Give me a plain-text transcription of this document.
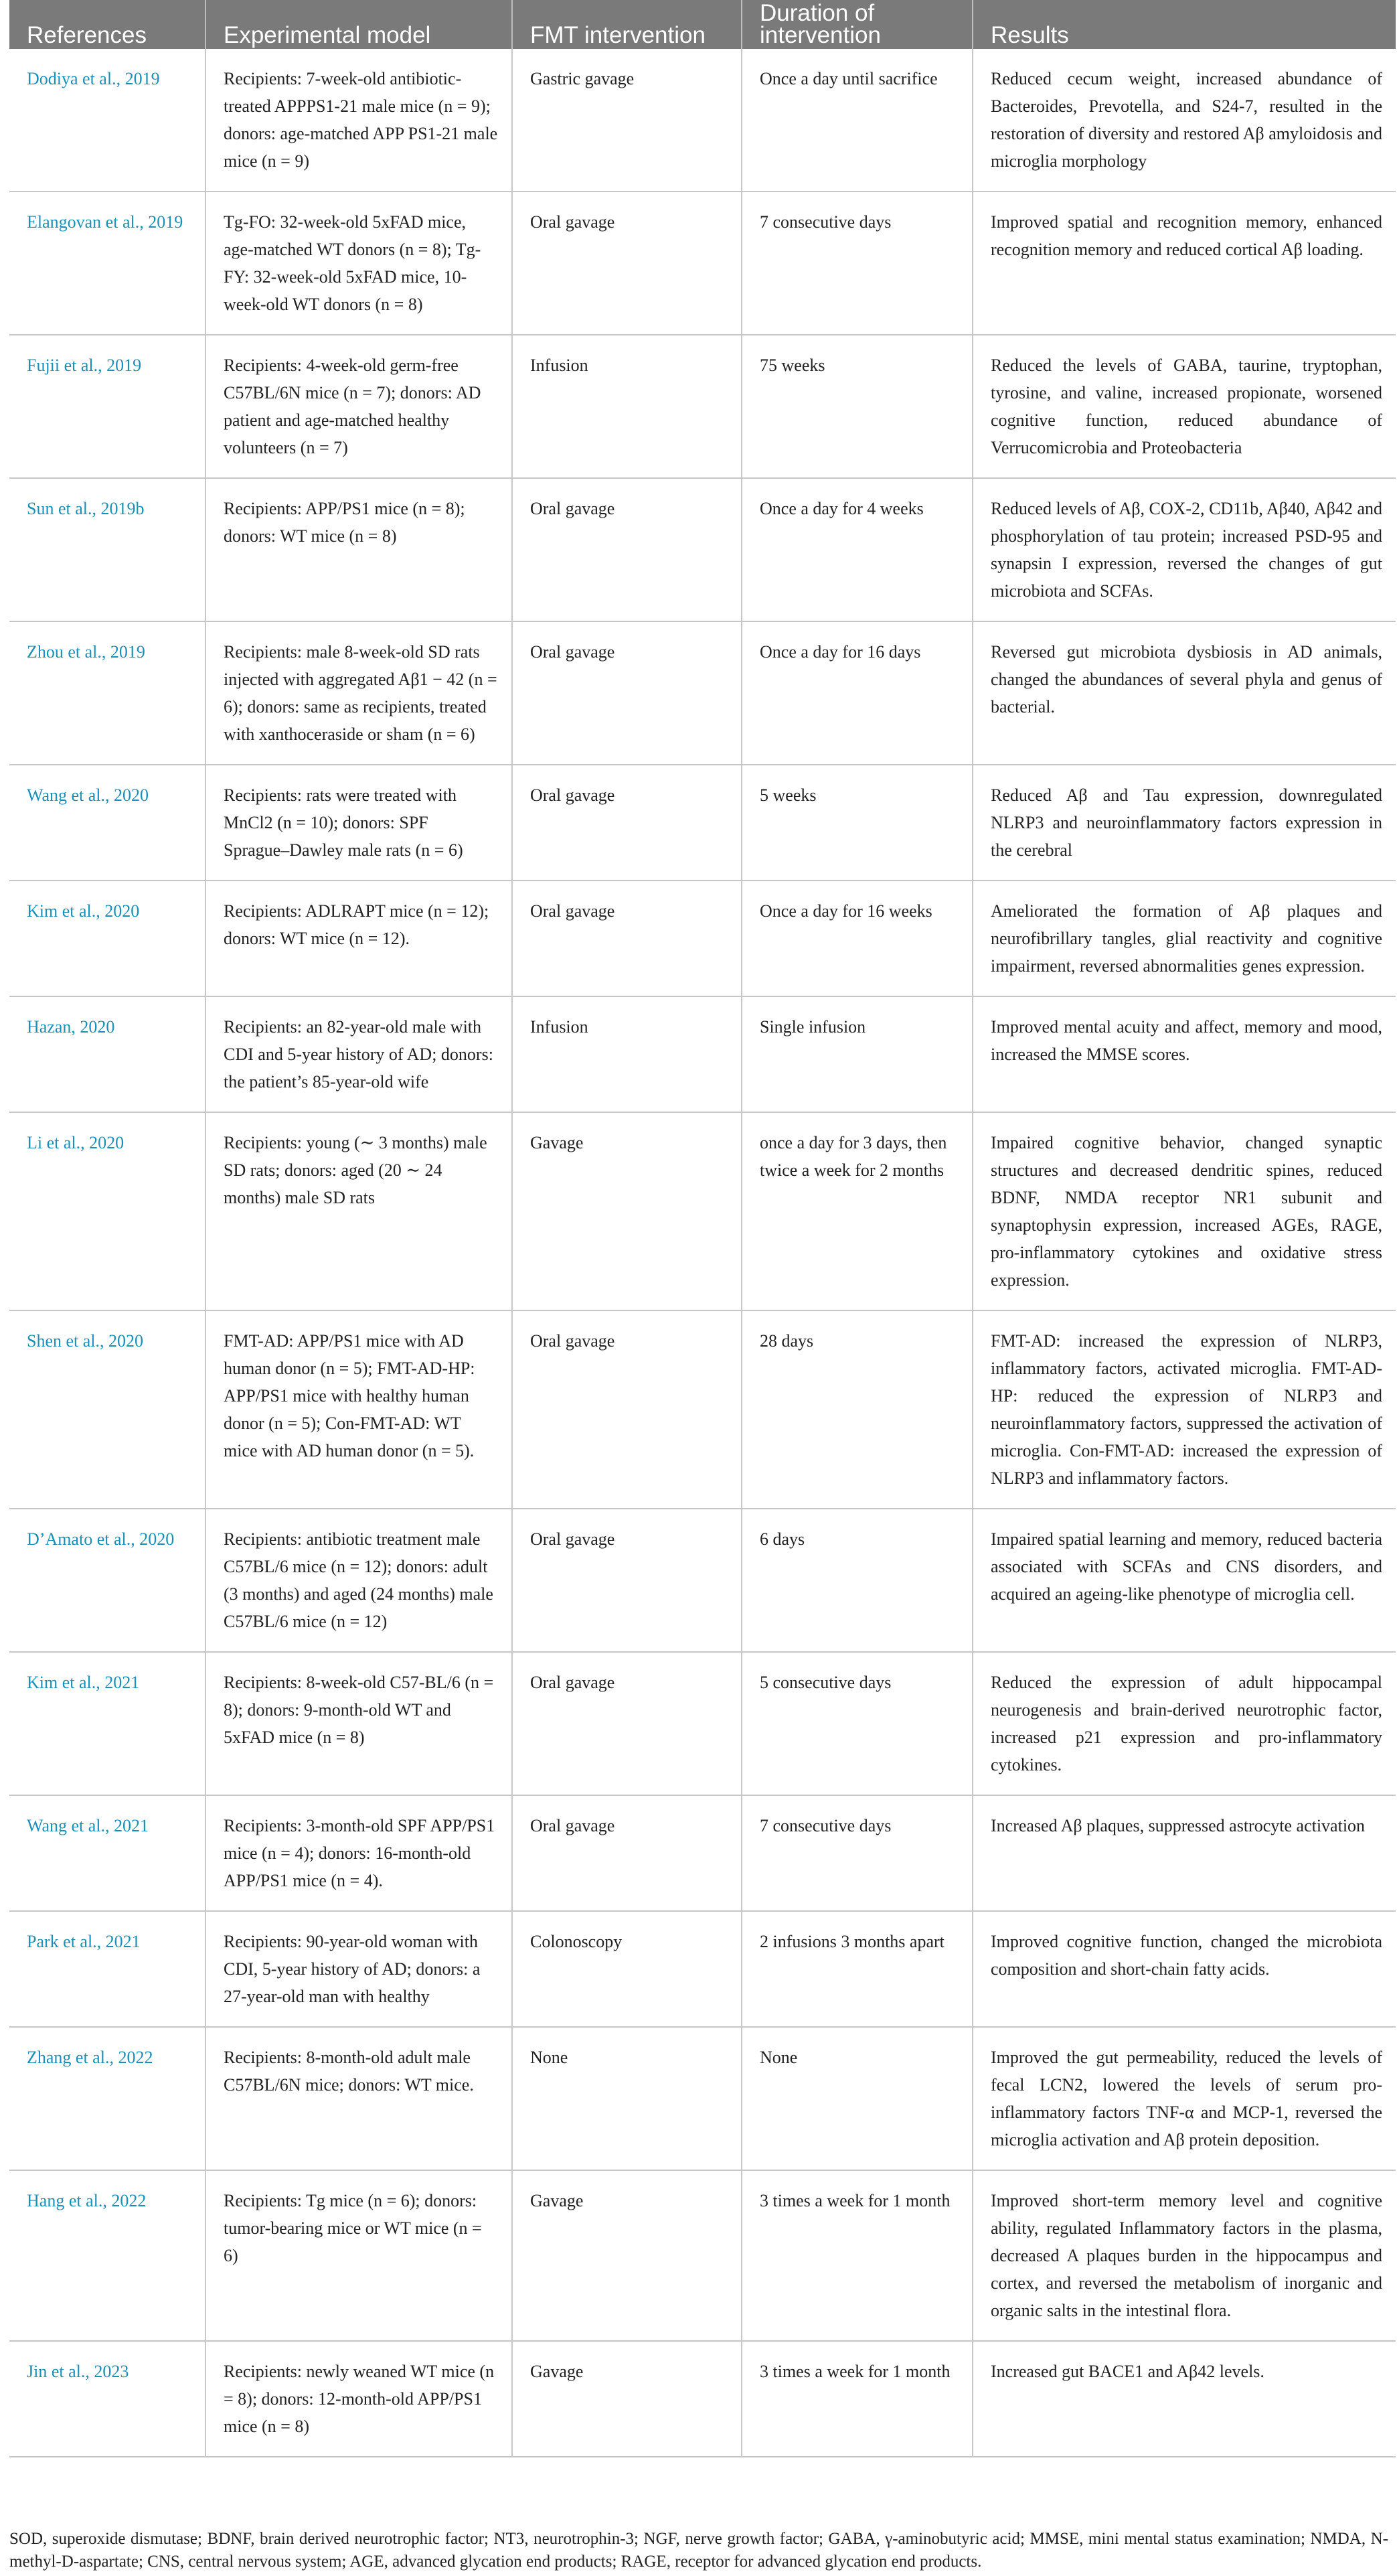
References	Experimental model	FMT intervention	Duration of intervention	Results
Dodiya et al., 2019	Recipients: 7-week-old antibiotic-treated APPPS1-21 male mice (n = 9); donors: age-matched APP PS1-21 male mice (n = 9)	Gastric gavage	Once a day until sacrifice	Reduced cecum weight, increased abundance of Bacteroides, Prevotella, and S24-7, resulted in the restoration of diversity and restored Aβ amyloidosis and microglia morphology
Elangovan et al., 2019	Tg-FO: 32-week-old 5xFAD mice, age-matched WT donors (n = 8); Tg-FY: 32-week-old 5xFAD mice, 10-week-old WT donors (n = 8)	Oral gavage	7 consecutive days	Improved spatial and recognition memory, enhanced recognition memory and reduced cortical Aβ loading.
Fujii et al., 2019	Recipients: 4-week-old germ-free C57BL/6N mice (n = 7); donors: AD patient and age-matched healthy volunteers (n = 7)	Infusion	75 weeks	Reduced the levels of GABA, taurine, tryptophan, tyrosine, and valine, increased propionate, worsened cognitive function, reduced abundance of Verrucomicrobia and Proteobacteria
Sun et al., 2019b	Recipients: APP/PS1 mice (n = 8); donors: WT mice (n = 8)	Oral gavage	Once a day for 4 weeks	Reduced levels of Aβ, COX-2, CD11b, Aβ40, Aβ42 and phosphorylation of tau protein; increased PSD-95 and synapsin I expression, reversed the changes of gut microbiota and SCFAs.
Zhou et al., 2019	Recipients: male 8-week-old SD rats injected with aggregated Aβ1 − 42 (n = 6); donors: same as recipients, treated with xanthoceraside or sham (n = 6)	Oral gavage	Once a day for 16 days	Reversed gut microbiota dysbiosis in AD animals, changed the abundances of several phyla and genus of bacterial.
Wang et al., 2020	Recipients: rats were treated with MnCl2 (n = 10); donors: SPF Sprague–Dawley male rats (n = 6)	Oral gavage	5 weeks	Reduced Aβ and Tau expression, downregulated NLRP3 and neuroinflammatory factors expression in the cerebral
Kim et al., 2020	Recipients: ADLRAPT mice (n = 12); donors: WT mice (n = 12).	Oral gavage	Once a day for 16 weeks	Ameliorated the formation of Aβ plaques and neurofibrillary tangles, glial reactivity and cognitive impairment, reversed abnormalities genes expression.
Hazan, 2020	Recipients: an 82-year-old male with CDI and 5-year history of AD; donors: the patient’s 85-year-old wife	Infusion	Single infusion	Improved mental acuity and affect, memory and mood, increased the MMSE scores.
Li et al., 2020	Recipients: young (∼ 3 months) male SD rats; donors: aged (20 ∼ 24 months) male SD rats	Gavage	once a day for 3 days, then twice a week for 2 months	Impaired cognitive behavior, changed synaptic structures and decreased dendritic spines, reduced BDNF, NMDA receptor NR1 subunit and synaptophysin expression, increased AGEs, RAGE, pro-inflammatory cytokines and oxidative stress expression.
Shen et al., 2020	FMT-AD: APP/PS1 mice with AD human donor (n = 5); FMT-AD-HP: APP/PS1 mice with healthy human donor (n = 5); Con-FMT-AD: WT mice with AD human donor (n = 5).	Oral gavage	28 days	FMT-AD: increased the expression of NLRP3, inflammatory factors, activated microglia. FMT-AD-HP: reduced the expression of NLRP3 and neuroinflammatory factors, suppressed the activation of microglia. Con-FMT-AD: increased the expression of NLRP3 and inflammatory factors.
D’Amato et al., 2020	Recipients: antibiotic treatment male C57BL/6 mice (n = 12); donors: adult (3 months) and aged (24 months) male C57BL/6 mice (n = 12)	Oral gavage	6 days	Impaired spatial learning and memory, reduced bacteria associated with SCFAs and CNS disorders, and acquired an ageing-like phenotype of microglia cell.
Kim et al., 2021	Recipients: 8-week-old C57-BL/6 (n = 8); donors: 9-month-old WT and 5xFAD mice (n = 8)	Oral gavage	5 consecutive days	Reduced the expression of adult hippocampal neurogenesis and brain-derived neurotrophic factor, increased p21 expression and pro-inflammatory cytokines.
Wang et al., 2021	Recipients: 3-month-old SPF APP/PS1 mice (n = 4); donors: 16-month-old APP/PS1 mice (n = 4).	Oral gavage	7 consecutive days	Increased Aβ plaques, suppressed astrocyte activation
Park et al., 2021	Recipients: 90-year-old woman with CDI, 5-year history of AD; donors: a 27-year-old man with healthy	Colonoscopy	2 infusions 3 months apart	Improved cognitive function, changed the microbiota composition and short-chain fatty acids.
Zhang et al., 2022	Recipients: 8-month-old adult male C57BL/6N mice; donors: WT mice.	None	None	Improved the gut permeability, reduced the levels of fecal LCN2, lowered the levels of serum pro-inflammatory factors TNF-α and MCP-1, reversed the microglia activation and Aβ protein deposition.
Hang et al., 2022	Recipients: Tg mice (n = 6); donors: tumor-bearing mice or WT mice (n = 6)	Gavage	3 times a week for 1 month	Improved short-term memory level and cognitive ability, regulated Inflammatory factors in the plasma, decreased A plaques burden in the hippocampus and cortex, and reversed the metabolism of inorganic and organic salts in the intestinal flora.
Jin et al., 2023	Recipients: newly weaned WT mice (n = 8); donors: 12-month-old APP/PS1 mice (n = 8)	Gavage	3 times a week for 1 month	Increased gut BACE1 and Aβ42 levels.
SOD, superoxide dismutase; BDNF, brain derived neurotrophic factor; NT3, neurotrophin-3; NGF, nerve growth factor; GABA, γ-aminobutyric acid; MMSE, mini mental status examination; NMDA, N-methyl-D-aspartate; CNS, central nervous system; AGE, advanced glycation end products; RAGE, receptor for advanced glycation end products.
